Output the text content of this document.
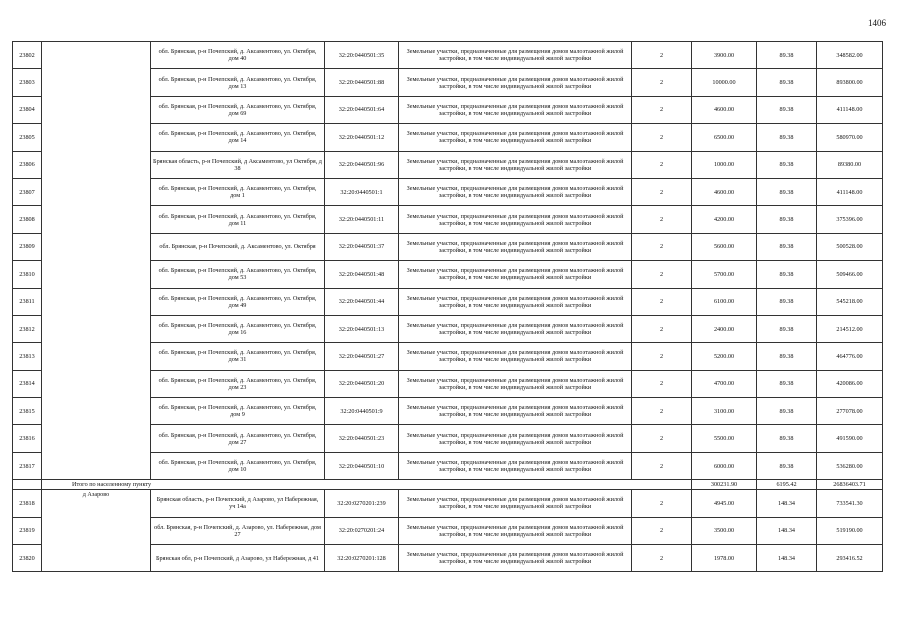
1406
23802		обл. Брянская, р-н Почепский, д. Аксаментово, ул. Октября, дом 40	32:20:0440501:35	Земельные участки, предназначенные для размещения домов малоэтажной жилой застройки, в том числе индивидуальной жилой застройки	2	3900.00	89.38	348582.00
23803		обл. Брянская, р-н Почепский, д. Аксаментово, ул. Октября, дом 13	32:20:0440501:88	Земельные участки, предназначенные для размещения домов малоэтажной жилой застройки, в том числе индивидуальной жилой застройки	2	10000.00	89.38	893800.00
23804		обл. Брянская, р-н Почепский, д. Аксаментово, ул. Октября, дом 69	32:20:0440501:64	Земельные участки, предназначенные для размещения домов малоэтажной жилой застройки, в том числе индивидуальной жилой застройки	2	4600.00	89.38	411148.00
23805		обл. Брянская, р-н Почепский, д. Аксаментово, ул. Октября, дом 14	32:20:0440501:12	Земельные участки, предназначенные для размещения домов малоэтажной жилой застройки, в том числе индивидуальной жилой застройки	2	6500.00	89.38	580970.00
23806		Брянская область, р-н Почепский, д Аксаментово, ул Октября, д 38	32:20:0440501:96	Земельные участки, предназначенные для размещения домов малоэтажной жилой застройки, в том числе индивидуальной жилой застройки	2	1000.00	89.38	89380.00
23807		обл. Брянская, р-н Почепский, д. Аксаментово, ул. Октября, дом 1	32:20:0440501:1	Земельные участки, предназначенные для размещения домов малоэтажной жилой застройки, в том числе индивидуальной жилой застройки	2	4600.00	89.38	411148.00
23808		обл. Брянская, р-н Почепский, д. Аксаментово, ул. Октября, дом 11	32:20:0440501:11	Земельные участки, предназначенные для размещения домов малоэтажной жилой застройки, в том числе индивидуальной жилой застройки	2	4200.00	89.38	375396.00
23809		обл. Брянская, р-н Почепский, д. Аксаментово, ул. Октября	32:20:0440501:37	Земельные участки, предназначенные для размещения домов малоэтажной жилой застройки, в том числе индивидуальной жилой застройки	2	5600.00	89.38	500528.00
23810		обл. Брянская, р-н Почепский, д. Аксаментово, ул. Октября, дом 53	32:20:0440501:48	Земельные участки, предназначенные для размещения домов малоэтажной жилой застройки, в том числе индивидуальной жилой застройки	2	5700.00	89.38	509466.00
23811		обл. Брянская, р-н Почепский, д. Аксаментово, ул. Октября, дом 49	32:20:0440501:44	Земельные участки, предназначенные для размещения домов малоэтажной жилой застройки, в том числе индивидуальной жилой застройки	2	6100.00	89.38	545218.00
23812		обл. Брянская, р-н Почепский, д. Аксаментово, ул. Октября, дом 16	32:20:0440501:13	Земельные участки, предназначенные для размещения домов малоэтажной жилой застройки, в том числе индивидуальной жилой застройки	2	2400.00	89.38	214512.00
23813		обл. Брянская, р-н Почепский, д. Аксаментово, ул. Октября, дом 31	32:20:0440501:27	Земельные участки, предназначенные для размещения домов малоэтажной жилой застройки, в том числе индивидуальной жилой застройки	2	5200.00	89.38	464776.00
23814		обл. Брянская, р-н Почепский, д. Аксаментово, ул. Октября, дом 23	32:20:0440501:20	Земельные участки, предназначенные для размещения домов малоэтажной жилой застройки, в том числе индивидуальной жилой застройки	2	4700.00	89.38	420086.00
23815		обл. Брянская, р-н Почепский, д. Аксаментово, ул. Октября, дом 9	32:20:0440501:9	Земельные участки, предназначенные для размещения домов малоэтажной жилой застройки, в том числе индивидуальной жилой застройки	2	3100.00	89.38	277078.00
23816		обл. Брянская, р-н Почепский, д. Аксаментово, ул. Октября, дом 27	32:20:0440501:23	Земельные участки, предназначенные для размещения домов малоэтажной жилой застройки, в том числе индивидуальной жилой застройки	2	5500.00	89.38	491590.00
23817		обл. Брянская, р-н Почепский, д. Аксаментово, ул. Октября, дом 10	32:20:0440501:10	Земельные участки, предназначенные для размещения домов малоэтажной жилой застройки, в том числе индивидуальной жилой застройки	2	6000.00	89.38	536280.00
	Итого по населенному пункту					300231.90	6195.42	26836403.71
23818	д Азарово	Брянская область, р-н Почепский, д Азарово, ул Набережная, уч 14а	32:20:0270201:239	Земельные участки, предназначенные для размещения домов малоэтажной жилой застройки, в том числе индивидуальной жилой застройки	2	4945.00	148.34	733541.30
23819		обл. Брянская, р-н Почепский, д. Азарово, ул. Набережная, дом 27	32:20:0270201:24	Земельные участки, предназначенные для размещения домов малоэтажной жилой застройки, в том числе индивидуальной жилой застройки	2	3500.00	148.34	519190.00
23820		Брянская обл, р-н Почепский, д Азарово, ул Набережная, д 41	32:20:0270201:128	Земельные участки, предназначенные для размещения домов малоэтажной жилой застройки, в том числе индивидуальной жилой застройки	2	1978.00	148.34	293416.52
